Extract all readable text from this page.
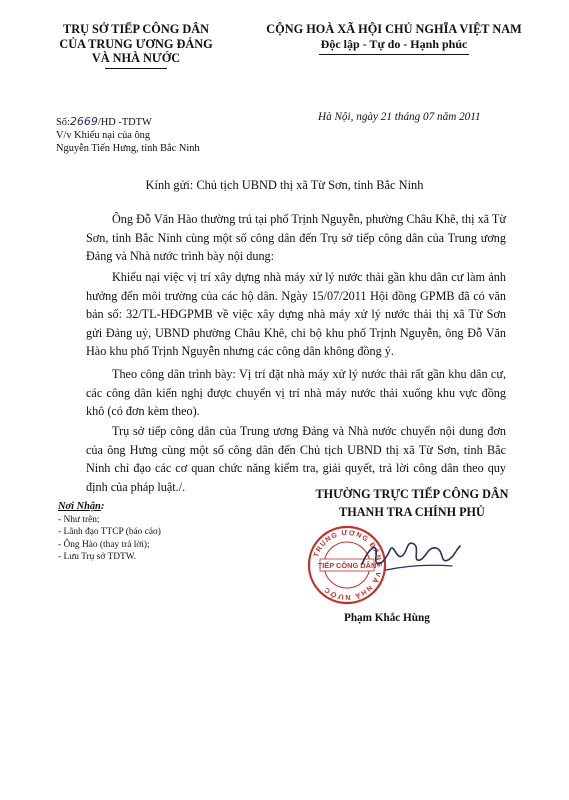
TRỤ SỞ TIẾP CÔNG DÂN
CỦA TRUNG ƯƠNG ĐẢNG
VÀ NHÀ NƯỚC
CỘNG HOÀ XÃ HỘI CHỦ NGHĨA VIỆT NAM
Độc lập - Tự do - Hạnh phúc
Số:2669/HD -TDTW
V/v Khiếu nại của ông
Nguyễn Tiến Hưng, tỉnh Bắc Ninh
Hà Nội, ngày 21 tháng 07 năm 2011
Kính gửi: Chủ tịch UBND thị xã Từ Sơn, tỉnh Bắc Ninh

Ông Đỗ Văn Hào thường trú tại phố Trịnh Nguyễn, phường Châu Khê, thị xã Từ Sơn, tỉnh Bắc Ninh cùng một số công dân đến Trụ sở tiếp công dân của Trung ương Đảng và Nhà nước trình bày nội dung:

Khiếu nại việc vị trí xây dựng nhà máy xử lý nước thải gần khu dân cư làm ảnh hưởng đến môi trường của các hộ dân. Ngày 15/07/2011 Hội đồng GPMB đã có văn bản số: 32/TL-HĐGPMB về việc xây dựng nhà máy xử lý nước thải thị xã Từ Sơn gửi Đảng uỷ, UBND phường Châu Khê, chi bộ khu phố Trịnh Nguyễn, ông Đỗ Văn Hào khu phố Trịnh Nguyễn nhưng các công dân không đồng ý.

Theo công dân trình bày: Vị trí đặt nhà máy xử lý nước thải rất gần khu dân cư, các công dân kiến nghị được chuyển vị trí nhà máy nước thải xuống khu vực đồng khô (có đơn kèm theo).

Trụ sở tiếp công dân của Trung ương Đảng và Nhà nước chuyển nội dung đơn của ông Hưng cùng một số công dân đến Chủ tịch UBND thị xã Từ Sơn, tỉnh Bắc Ninh chỉ đạo các cơ quan chức năng kiểm tra, giải quyết, trả lời công dân theo quy định của pháp luật./.

Nơi Nhận:
- Như trên;
- Lãnh đạo TTCP (báo cáo)
- Ông Hào (thay trả lời);
- Lưu Trụ sở TDTW.
THƯỜNG TRỰC TIẾP CÔNG DÂN
THANH TRA CHÍNH PHỦ
TRUNG ƯƠNG ĐẢNG VÀ NHÀ NƯỚC
TIẾP CÔNG DÂN
Phạm Khắc Hùng
